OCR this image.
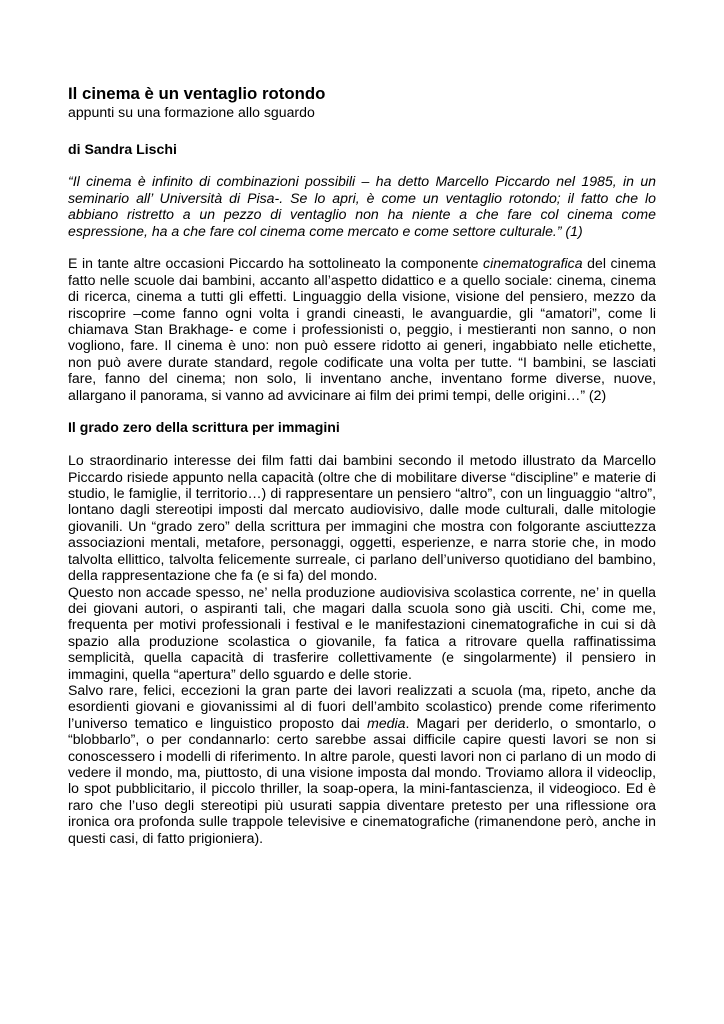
Il cinema è un ventaglio rotondo

appunti su una formazione allo sguardo

di Sandra Lischi

“Il cinema è infinito di combinazioni possibili – ha detto Marcello Piccardo nel 1985, in un seminario all’ Università di Pisa-. Se lo apri, è come un ventaglio rotondo; il fatto che lo abbiano ristretto a un pezzo di ventaglio non ha niente a che fare col cinema come espressione, ha a che fare col cinema come mercato e come settore culturale.” (1)

E in tante altre occasioni Piccardo ha sottolineato la componente cinematografica del cinema fatto nelle scuole dai bambini, accanto all’aspetto didattico e a quello sociale: cinema, cinema di ricerca, cinema a tutti gli effetti. Linguaggio della visione, visione del pensiero, mezzo da riscoprire –come fanno ogni volta i grandi cineasti, le avanguardie, gli “amatori”, come li chiamava Stan Brakhage- e come i professionisti o, peggio, i mestieranti non sanno, o non vogliono, fare. Il cinema è uno: non può essere ridotto ai generi, ingabbiato nelle etichette, non può avere durate standard, regole codificate una volta per tutte. “I bambini, se lasciati fare, fanno del cinema; non solo, li inventano anche, inventano forme diverse, nuove, allargano il panorama, si vanno ad avvicinare ai film dei primi tempi, delle origini…” (2)

Il grado zero della scrittura per immagini

Lo straordinario interesse dei film fatti dai bambini secondo il metodo illustrato da Marcello Piccardo risiede appunto nella capacità (oltre che di mobilitare diverse “discipline” e materie di studio, le famiglie, il territorio…) di rappresentare un pensiero “altro”, con un linguaggio “altro”, lontano dagli stereotipi imposti dal mercato audiovisivo, dalle mode culturali, dalle mitologie giovanili. Un “grado zero” della scrittura per immagini che mostra con folgorante asciuttezza associazioni mentali, metafore, personaggi, oggetti, esperienze, e narra storie che, in modo talvolta ellittico, talvolta felicemente surreale, ci parlano dell’universo quotidiano del bambino, della rappresentazione che fa (e si fa) del mondo.

Questo non accade spesso, ne’ nella produzione audiovisiva scolastica corrente, ne’ in quella dei giovani autori, o aspiranti tali, che magari dalla scuola sono già usciti. Chi, come me, frequenta per motivi professionali i festival e le manifestazioni cinematografiche in cui si dà spazio alla produzione scolastica o giovanile, fa fatica a ritrovare quella raffinatissima semplicità, quella capacità di trasferire collettivamente (e singolarmente) il pensiero in immagini, quella “apertura” dello sguardo e delle storie.

Salvo rare, felici, eccezioni la gran parte dei lavori realizzati a scuola (ma, ripeto, anche da esordienti giovani e giovanissimi al di fuori dell’ambito scolastico) prende come riferimento l’universo tematico e linguistico proposto dai media. Magari per deriderlo, o smontarlo, o “blobbarlo”, o per condannarlo: certo sarebbe assai difficile capire questi lavori se non si conoscessero i modelli di riferimento. In altre parole, questi lavori non ci parlano di un modo di vedere il mondo, ma, piuttosto, di una visione imposta dal mondo. Troviamo allora il videoclip, lo spot pubblicitario, il piccolo thriller, la soap-opera, la mini-fantascienza, il videogioco. Ed è raro che l’uso degli stereotipi più usurati sappia diventare pretesto per una riflessione ora ironica ora profonda sulle trappole televisive e cinematografiche (rimanendone però, anche in questi casi, di fatto prigioniera).
